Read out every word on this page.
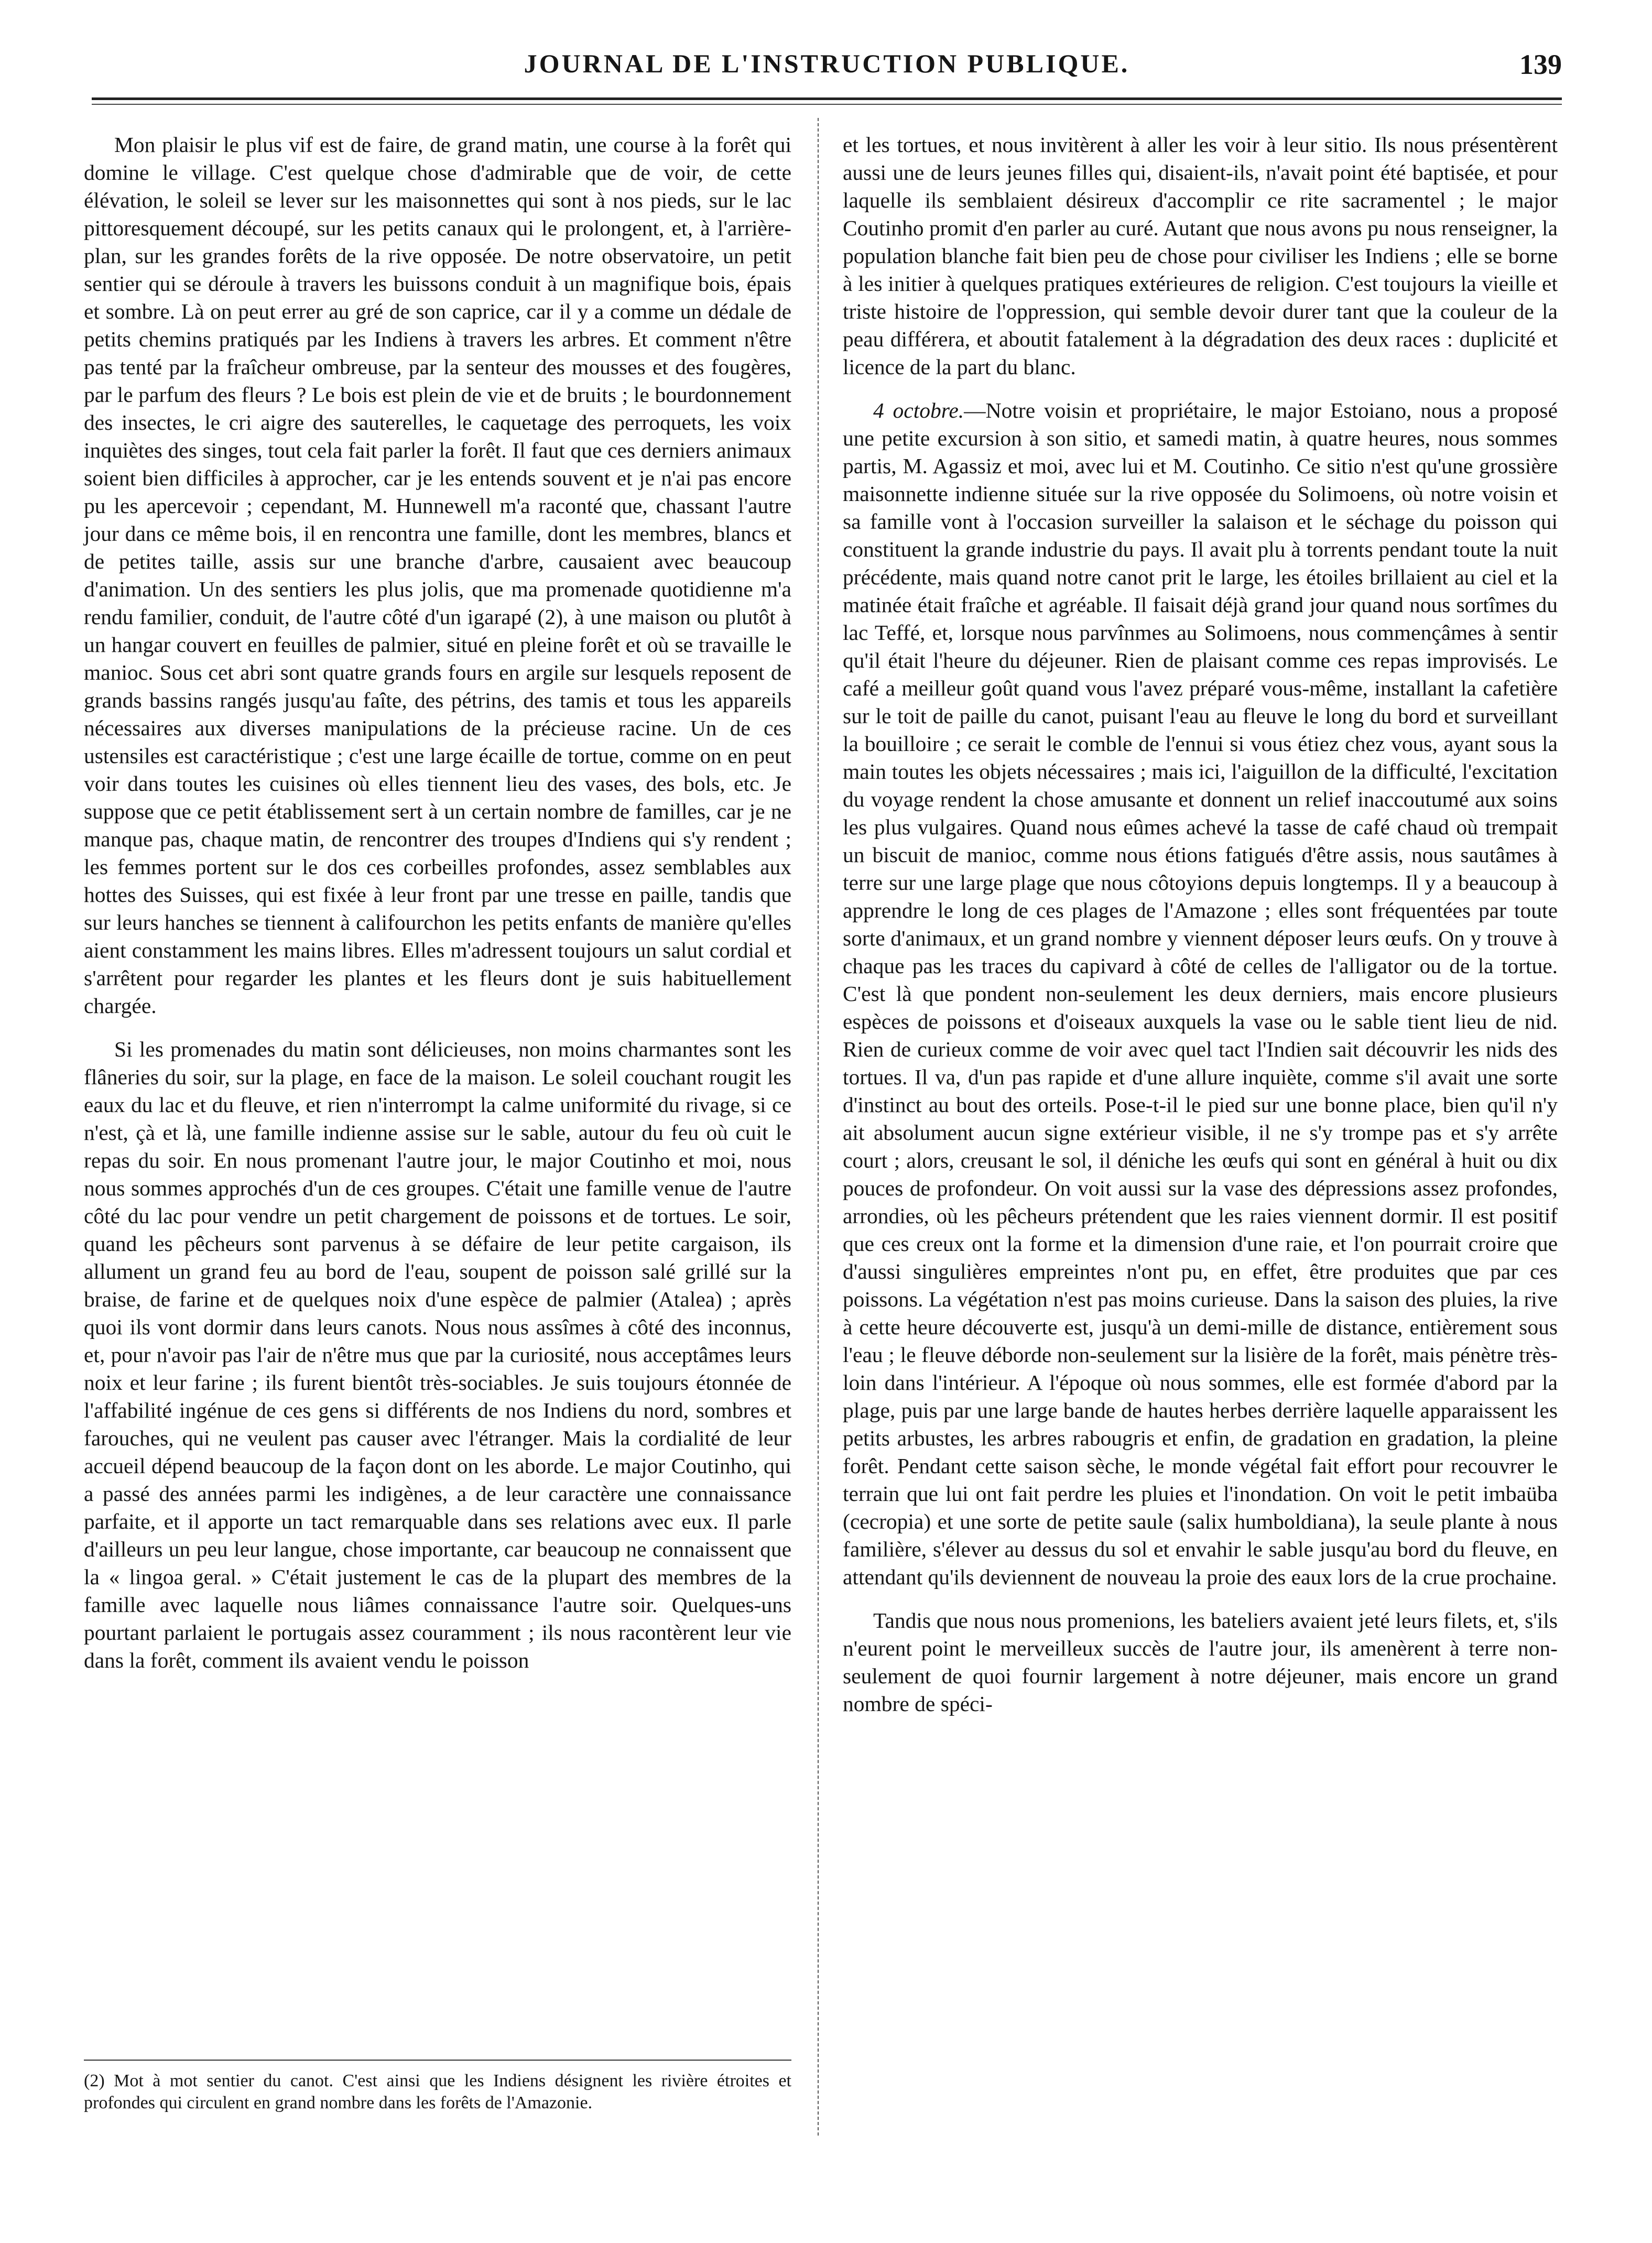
JOURNAL DE L'INSTRUCTION PUBLIQUE.	139

Mon plaisir le plus vif est de faire, de grand matin, une course à la forêt qui domine le village. C'est quelque chose d'admirable que de voir, de cette élévation, le soleil se lever sur les maisonnettes qui sont à nos pieds, sur le lac pittoresquement découpé, sur les petits canaux qui le prolongent, et, à l'arrière-plan, sur les grandes forêts de la rive opposée. De notre observatoire, un petit sentier qui se déroule à travers les buissons conduit à un magnifique bois, épais et sombre. Là on peut errer au gré de son caprice, car il y a comme un dédale de petits chemins pratiqués par les Indiens à travers les arbres. Et comment n'être pas tenté par la fraîcheur ombreuse, par la senteur des mousses et des fougères, par le parfum des fleurs ? Le bois est plein de vie et de bruits ; le bourdonnement des insectes, le cri aigre des sauterelles, le caquetage des perroquets, les voix inquiètes des singes, tout cela fait parler la forêt. Il faut que ces derniers animaux soient bien difficiles à approcher, car je les entends souvent et je n'ai pas encore pu les apercevoir ; cependant, M. Hunnewell m'a raconté que, chassant l'autre jour dans ce même bois, il en rencontra une famille, dont les membres, blancs et de petites taille, assis sur une branche d'arbre, causaient avec beaucoup d'animation. Un des sentiers les plus jolis, que ma promenade quotidienne m'a rendu familier, conduit, de l'autre côté d'un igarapé (2), à une maison ou plutôt à un hangar couvert en feuilles de palmier, situé en pleine forêt et où se travaille le manioc. Sous cet abri sont quatre grands fours en argile sur lesquels reposent de grands bassins rangés jusqu'au faîte, des pétrins, des tamis et tous les appareils nécessaires aux diverses manipulations de la précieuse racine. Un de ces ustensiles est caractéristique ; c'est une large écaille de tortue, comme on en peut voir dans toutes les cuisines où elles tiennent lieu des vases, des bols, etc. Je suppose que ce petit établissement sert à un certain nombre de familles, car je ne manque pas, chaque matin, de rencontrer des troupes d'Indiens qui s'y rendent ; les femmes portent sur le dos ces corbeilles profondes, assez semblables aux hottes des Suisses, qui est fixée à leur front par une tresse en paille, tandis que sur leurs hanches se tiennent à califourchon les petits enfants de manière qu'elles aient constamment les mains libres. Elles m'adressent toujours un salut cordial et s'arrêtent pour regarder les plantes et les fleurs dont je suis habituellement chargée.

Si les promenades du matin sont délicieuses, non moins charmantes sont les flâneries du soir, sur la plage, en face de la maison. Le soleil couchant rougit les eaux du lac et du fleuve, et rien n'interrompt la calme uniformité du rivage, si ce n'est, çà et là, une famille indienne assise sur le sable, autour du feu où cuit le repas du soir. En nous promenant l'autre jour, le major Coutinho et moi, nous nous sommes approchés d'un de ces groupes. C'était une famille venue de l'autre côté du lac pour vendre un petit chargement de poissons et de tortues. Le soir, quand les pêcheurs sont parvenus à se défaire de leur petite cargaison, ils allument un grand feu au bord de l'eau, soupent de poisson salé grillé sur la braise, de farine et de quelques noix d'une espèce de palmier (Atalea) ; après quoi ils vont dormir dans leurs canots. Nous nous assîmes à côté des inconnus, et, pour n'avoir pas l'air de n'être mus que par la curiosité, nous acceptâmes leurs noix et leur farine ; ils furent bientôt très-sociables. Je suis toujours étonnée de l'affabilité ingénue de ces gens si différents de nos Indiens du nord, sombres et farouches, qui ne veulent pas causer avec l'étranger. Mais la cordialité de leur accueil dépend beaucoup de la façon dont on les aborde. Le major Coutinho, qui a passé des années parmi les indigènes, a de leur caractère une connaissance parfaite, et il apporte un tact remarquable dans ses relations avec eux. Il parle d'ailleurs un peu leur langue, chose importante, car beaucoup ne connaissent que la « lingoa geral. » C'était justement le cas de la plupart des membres de la famille avec laquelle nous liâmes connaissance l'autre soir. Quelques-uns pourtant parlaient le portugais assez couramment ; ils nous racontèrent leur vie dans la forêt, comment ils avaient vendu le poisson

et les tortues, et nous invitèrent à aller les voir à leur sitio. Ils nous présentèrent aussi une de leurs jeunes filles qui, disaient-ils, n'avait point été baptisée, et pour laquelle ils semblaient désireux d'accomplir ce rite sacramentel ; le major Coutinho promit d'en parler au curé. Autant que nous avons pu nous renseigner, la population blanche fait bien peu de chose pour civiliser les Indiens ; elle se borne à les initier à quelques pratiques extérieures de religion. C'est toujours la vieille et triste histoire de l'oppression, qui semble devoir durer tant que la couleur de la peau différera, et aboutit fatalement à la dégradation des deux races : duplicité et licence de la part du blanc.

4 octobre.—Notre voisin et propriétaire, le major Estoiano, nous a proposé une petite excursion à son sitio, et samedi matin, à quatre heures, nous sommes partis, M. Agassiz et moi, avec lui et M. Coutinho. Ce sitio n'est qu'une grossière maisonnette indienne située sur la rive opposée du Solimoens, où notre voisin et sa famille vont à l'occasion surveiller la salaison et le séchage du poisson qui constituent la grande industrie du pays. Il avait plu à torrents pendant toute la nuit précédente, mais quand notre canot prit le large, les étoiles brillaient au ciel et la matinée était fraîche et agréable. Il faisait déjà grand jour quand nous sortîmes du lac Teffé, et, lorsque nous parvînmes au Solimoens, nous commençâmes à sentir qu'il était l'heure du déjeuner. Rien de plaisant comme ces repas improvisés. Le café a meilleur goût quand vous l'avez préparé vous-même, installant la cafetière sur le toit de paille du canot, puisant l'eau au fleuve le long du bord et surveillant la bouilloire ; ce serait le comble de l'ennui si vous étiez chez vous, ayant sous la main toutes les objets nécessaires ; mais ici, l'aiguillon de la difficulté, l'excitation du voyage rendent la chose amusante et donnent un relief inaccoutumé aux soins les plus vulgaires. Quand nous eûmes achevé la tasse de café chaud où trempait un biscuit de manioc, comme nous étions fatigués d'être assis, nous sautâmes à terre sur une large plage que nous côtoyions depuis longtemps. Il y a beaucoup à apprendre le long de ces plages de l'Amazone ; elles sont fréquentées par toute sorte d'animaux, et un grand nombre y viennent déposer leurs œufs. On y trouve à chaque pas les traces du capivard à côté de celles de l'alligator ou de la tortue. C'est là que pondent non-seulement les deux derniers, mais encore plusieurs espèces de poissons et d'oiseaux auxquels la vase ou le sable tient lieu de nid. Rien de curieux comme de voir avec quel tact l'Indien sait découvrir les nids des tortues. Il va, d'un pas rapide et d'une allure inquiète, comme s'il avait une sorte d'instinct au bout des orteils. Pose-t-il le pied sur une bonne place, bien qu'il n'y ait absolument aucun signe extérieur visible, il ne s'y trompe pas et s'y arrête court ; alors, creusant le sol, il déniche les œufs qui sont en général à huit ou dix pouces de profondeur. On voit aussi sur la vase des dépressions assez profondes, arrondies, où les pêcheurs prétendent que les raies viennent dormir. Il est positif que ces creux ont la forme et la dimension d'une raie, et l'on pourrait croire que d'aussi singulières empreintes n'ont pu, en effet, être produites que par ces poissons. La végétation n'est pas moins curieuse. Dans la saison des pluies, la rive à cette heure découverte est, jusqu'à un demi-mille de distance, entièrement sous l'eau ; le fleuve déborde non-seulement sur la lisière de la forêt, mais pénètre très-loin dans l'intérieur. A l'époque où nous sommes, elle est formée d'abord par la plage, puis par une large bande de hautes herbes derrière laquelle apparaissent les petits arbustes, les arbres rabougris et enfin, de gradation en gradation, la pleine forêt. Pendant cette saison sèche, le monde végétal fait effort pour recouvrer le terrain que lui ont fait perdre les pluies et l'inondation. On voit le petit imbaüba (cecropia) et une sorte de petite saule (salix humboldiana), la seule plante à nous familière, s'élever au dessus du sol et envahir le sable jusqu'au bord du fleuve, en attendant qu'ils deviennent de nouveau la proie des eaux lors de la crue prochaine.

Tandis que nous nous promenions, les bateliers avaient jeté leurs filets, et, s'ils n'eurent point le merveilleux succès de l'autre jour, ils amenèrent à terre non-seulement de quoi fournir largement à notre déjeuner, mais encore un grand nombre de spéci-

(2) Mot à mot sentier du canot. C'est ainsi que les Indiens désignent les rivière étroites et profondes qui circulent en grand nombre dans les forêts de l'Amazonie.
